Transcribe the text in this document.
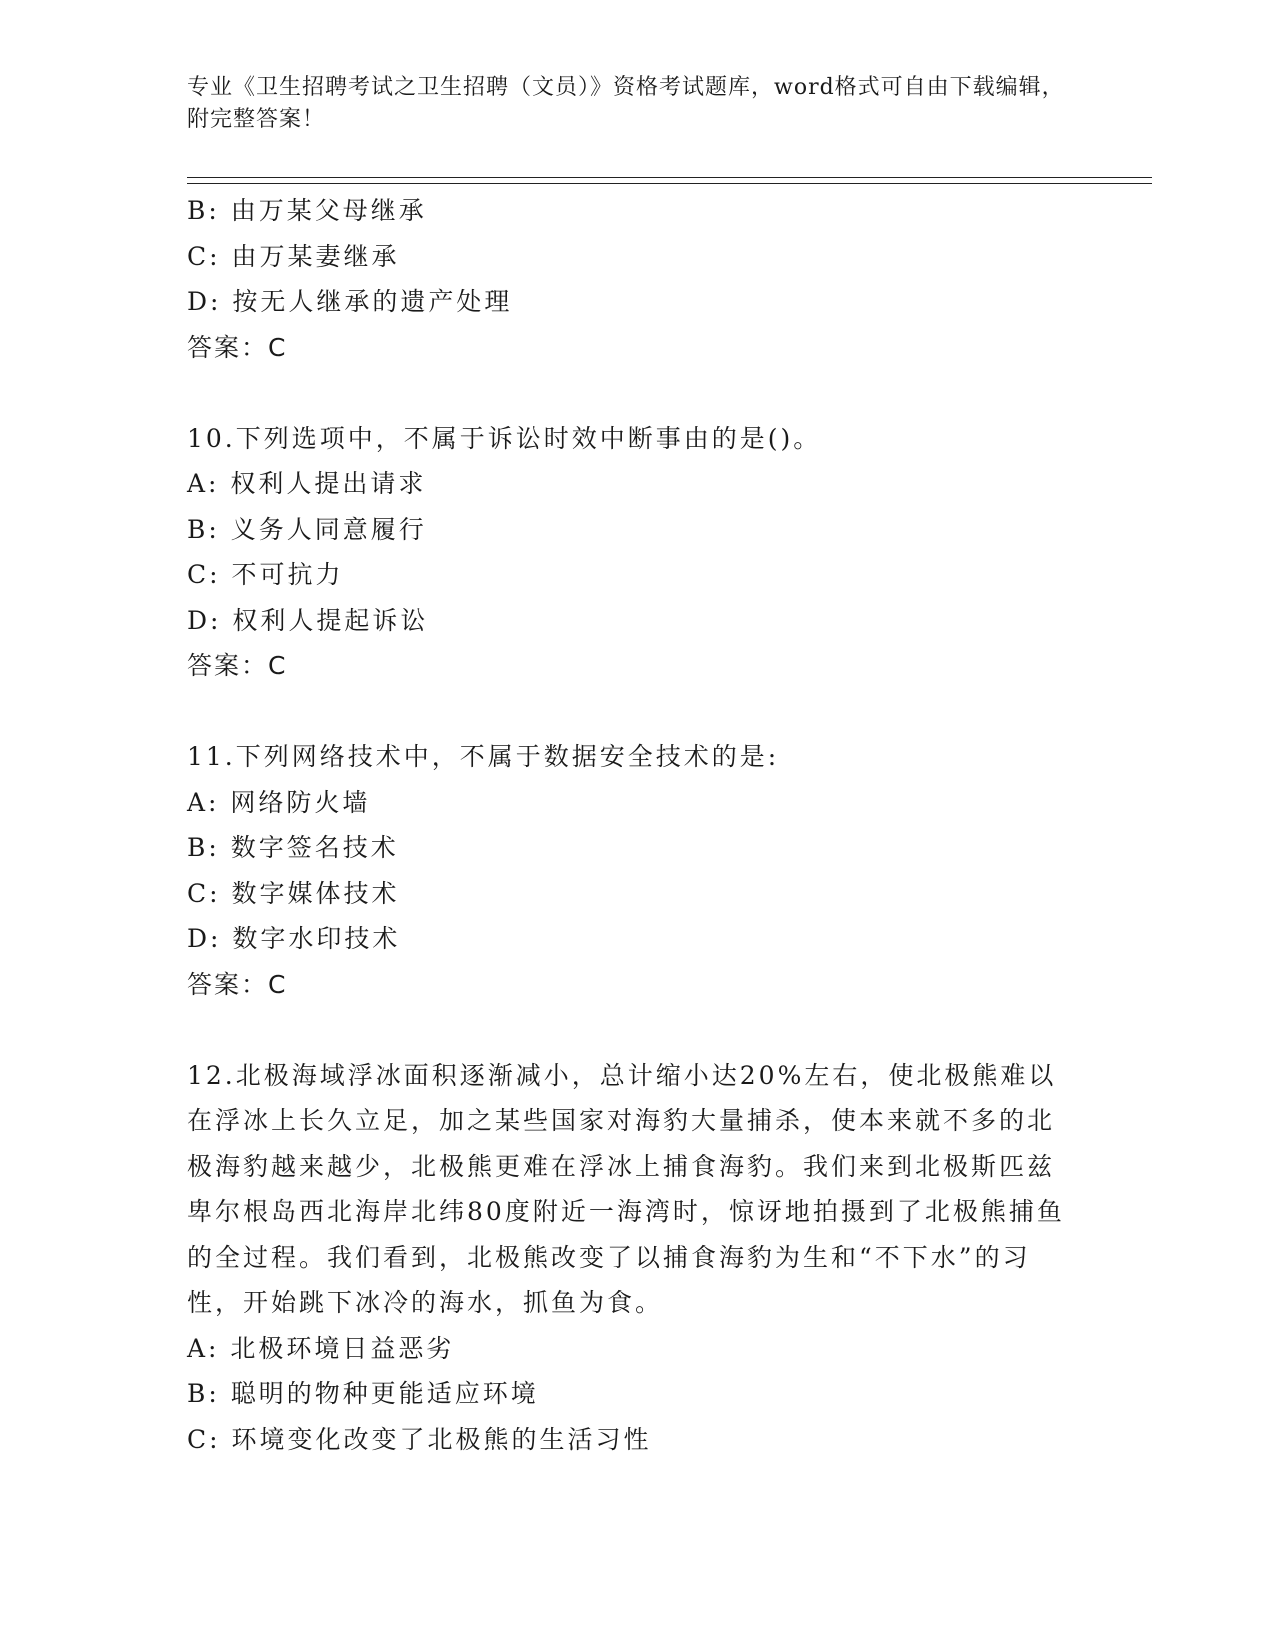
专业《卫生招聘考试之卫生招聘（文员）》资格考试题库，word格式可自由下载编辑，附完整答案！
B: 由万某父母继承
C: 由万某妻继承
D: 按无人继承的遗产处理
答案：C
10.下列选项中，不属于诉讼时效中断事由的是()。
A: 权利人提出请求
B: 义务人同意履行
C: 不可抗力
D: 权利人提起诉讼
答案：C
11.下列网络技术中，不属于数据安全技术的是:
A: 网络防火墙
B: 数字签名技术
C: 数字媒体技术
D: 数字水印技术
答案：C
12.北极海域浮冰面积逐渐减小，总计缩小达20%左右，使北极熊难以在浮冰上长久立足，加之某些国家对海豹大量捕杀，使本来就不多的北极海豹越来越少，北极熊更难在浮冰上捕食海豹。我们来到北极斯匹兹卑尔根岛西北海岸北纬80度附近一海湾时，惊讶地拍摄到了北极熊捕鱼的全过程。我们看到，北极熊改变了以捕食海豹为生和“不下水”的习性，开始跳下冰冷的海水，抓鱼为食。
A: 北极环境日益恶劣
B: 聪明的物种更能适应环境
C: 环境变化改变了北极熊的生活习性
